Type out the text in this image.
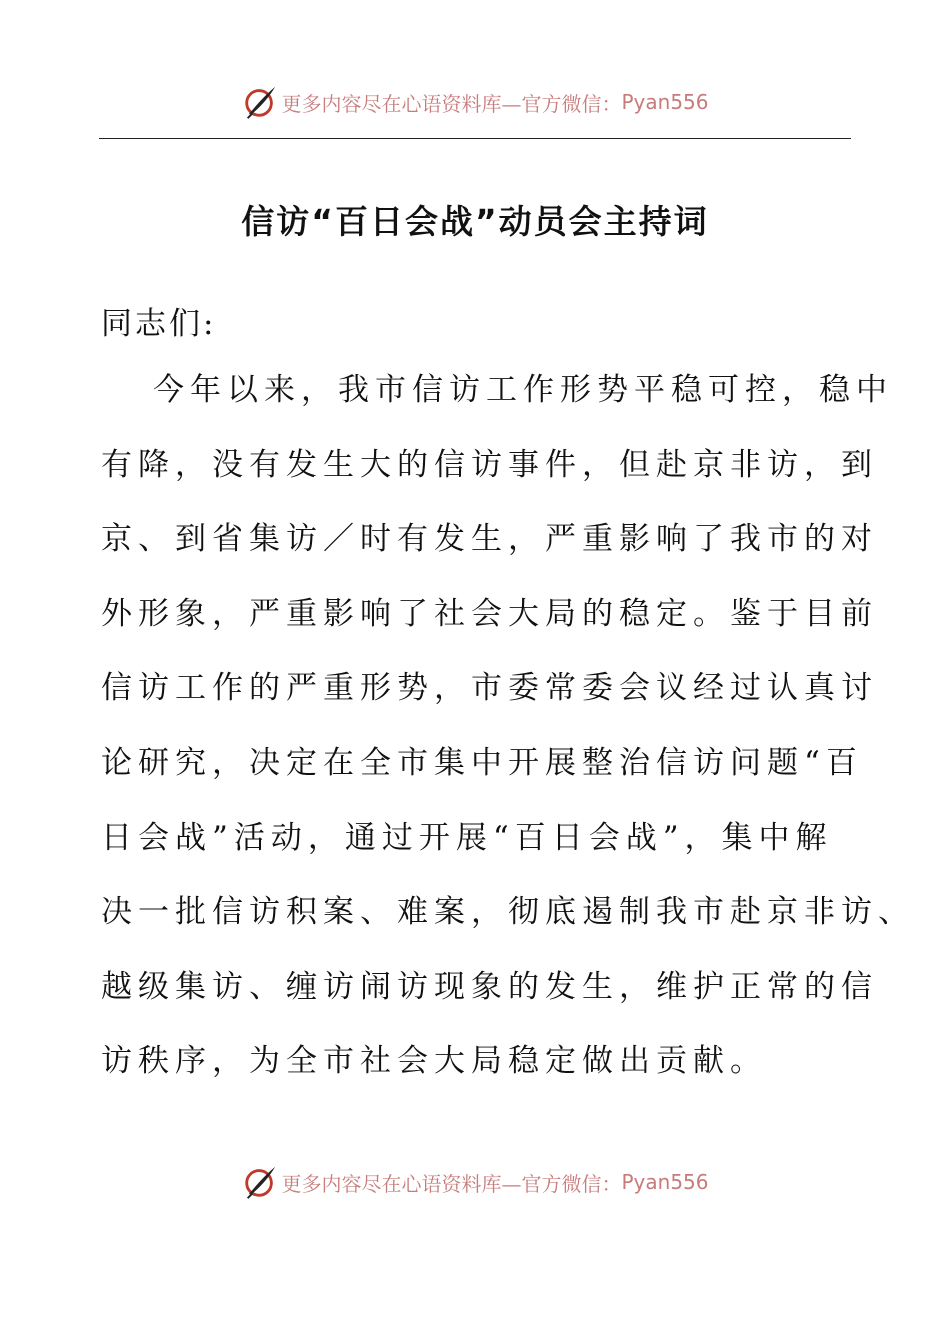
更多内容尽在心语资料库—官方微信： Pyan556
信访“百日会战”动员会主持词
同志们:
今年以来，我市信访工作形势平稳可控，稳中
有降，没有发生大的信访事件，但赴京非访，到
京、到省集访／时有发生，严重影响了我市的对
外形象，严重影响了社会大局的稳定。鉴于目前
信访工作的严重形势，市委常委会议经过认真讨
论研究，决定在全市集中开展整治信访问题“百
日会战”活动，通过开展“百日会战”，集中解
决一批信访积案、难案，彻底遏制我市赴京非访、
越级集访、缠访闹访现象的发生，维护正常的信
访秩序，为全市社会大局稳定做出贡献。
更多内容尽在心语资料库—官方微信： Pyan556
